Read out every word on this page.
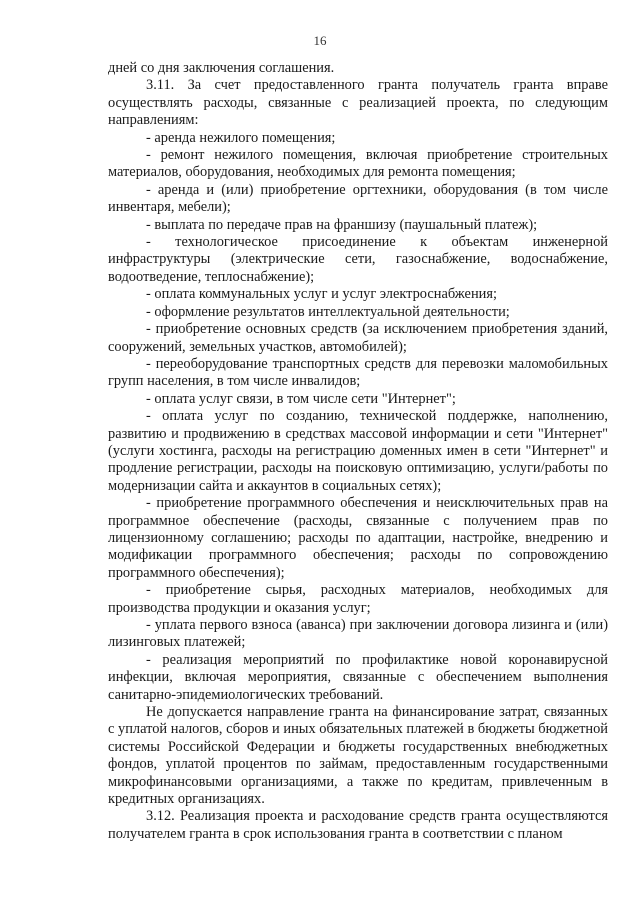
16

дней со дня заключения соглашения.

3.11. За счет предоставленного гранта получатель гранта вправе осуществлять расходы, связанные с реализацией проекта, по следующим направлениям:

- аренда нежилого помещения;

- ремонт нежилого помещения, включая приобретение строительных материалов, оборудования, необходимых для ремонта помещения;

- аренда и (или) приобретение оргтехники, оборудования (в том числе инвентаря, мебели);

- выплата по передаче прав на франшизу (паушальный платеж);

- технологическое присоединение к объектам инженерной инфраструктуры (электрические сети, газоснабжение, водоснабжение, водоотведение, теплоснабжение);

- оплата коммунальных услуг и услуг электроснабжения;

- оформление результатов интеллектуальной деятельности;

- приобретение основных средств (за исключением приобретения зданий, сооружений, земельных участков, автомобилей);

- переоборудование транспортных средств для перевозки маломобильных групп населения, в том числе инвалидов;

- оплата услуг связи, в том числе сети "Интернет";

- оплата услуг по созданию, технической поддержке, наполнению, развитию и продвижению в средствах массовой информации и сети "Интернет" (услуги хостинга, расходы на регистрацию доменных имен в сети "Интернет" и продление регистрации, расходы на поисковую оптимизацию, услуги/работы по модернизации сайта и аккаунтов в социальных сетях);

- приобретение программного обеспечения и неисключительных прав на программное обеспечение (расходы, связанные с получением прав по лицензионному соглашению; расходы по адаптации, настройке, внедрению и модификации программного обеспечения; расходы по сопровождению программного обеспечения);

- приобретение сырья, расходных материалов, необходимых для производства продукции и оказания услуг;

- уплата первого взноса (аванса) при заключении договора лизинга и (или) лизинговых платежей;

- реализация мероприятий по профилактике новой коронавирусной инфекции, включая мероприятия, связанные с обеспечением выполнения санитарно-эпидемиологических требований.

Не допускается направление гранта на финансирование затрат, связанных с уплатой налогов, сборов и иных обязательных платежей в бюджеты бюджетной системы Российской Федерации и бюджеты государственных внебюджетных фондов, уплатой процентов по займам, предоставленным государственными микрофинансовыми организациями, а также по кредитам, привлеченным в кредитных организациях.

3.12. Реализация проекта и расходование средств гранта осуществляются получателем гранта в срок использования гранта в соответствии с планом
